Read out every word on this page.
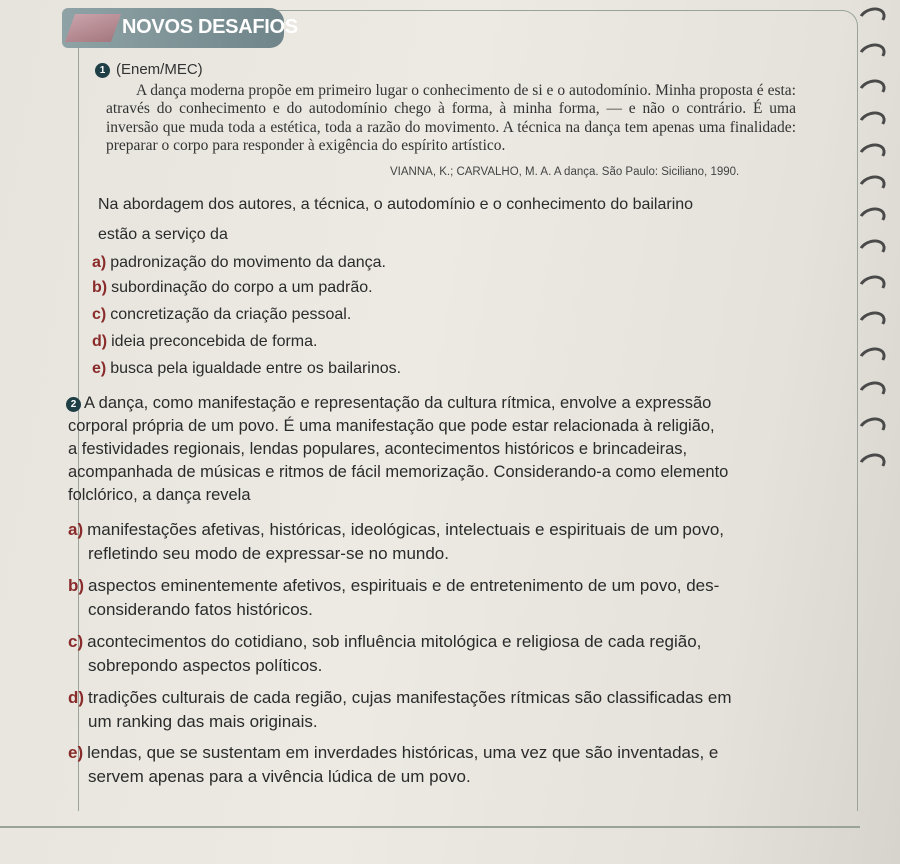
NOVOS DESAFIOS
1 (Enem/MEC)
A dança moderna propõe em primeiro lugar o conhecimento de si e o autodomínio. Minha proposta é esta: através do conhecimento e do autodomínio chego à forma, à minha forma, — e não o contrário. É uma inversão que muda toda a estética, toda a razão do movimento. A técnica na dança tem apenas uma finalidade: preparar o corpo para responder à exigência do espírito artístico.
VIANNA, K.; CARVALHO, M. A. A dança. São Paulo: Siciliano, 1990.
Na abordagem dos autores, a técnica, o autodomínio e o conhecimento do bailarino
estão a serviço da
a) padronização do movimento da dança.
b) subordinação do corpo a um padrão.
c) concretização da criação pessoal.
d) ideia preconcebida de forma.
e) busca pela igualdade entre os bailarinos.
2 A dança, como manifestação e representação da cultura rítmica, envolve a expressão
corporal própria de um povo. É uma manifestação que pode estar relacionada à religião,
a festividades regionais, lendas populares, acontecimentos históricos e brincadeiras,
acompanhada de músicas e ritmos de fácil memorização. Considerando-a como elemento
folclórico, a dança revela
a) manifestações afetivas, históricas, ideológicas, intelectuais e espirituais de um povo,
refletindo seu modo de expressar-se no mundo.
b) aspectos eminentemente afetivos, espirituais e de entretenimento de um povo, des-
considerando fatos históricos.
c) acontecimentos do cotidiano, sob influência mitológica e religiosa de cada região,
sobrepondo aspectos políticos.
d) tradições culturais de cada região, cujas manifestações rítmicas são classificadas em
um ranking das mais originais.
e) lendas, que se sustentam em inverdades históricas, uma vez que são inventadas, e
servem apenas para a vivência lúdica de um povo.
